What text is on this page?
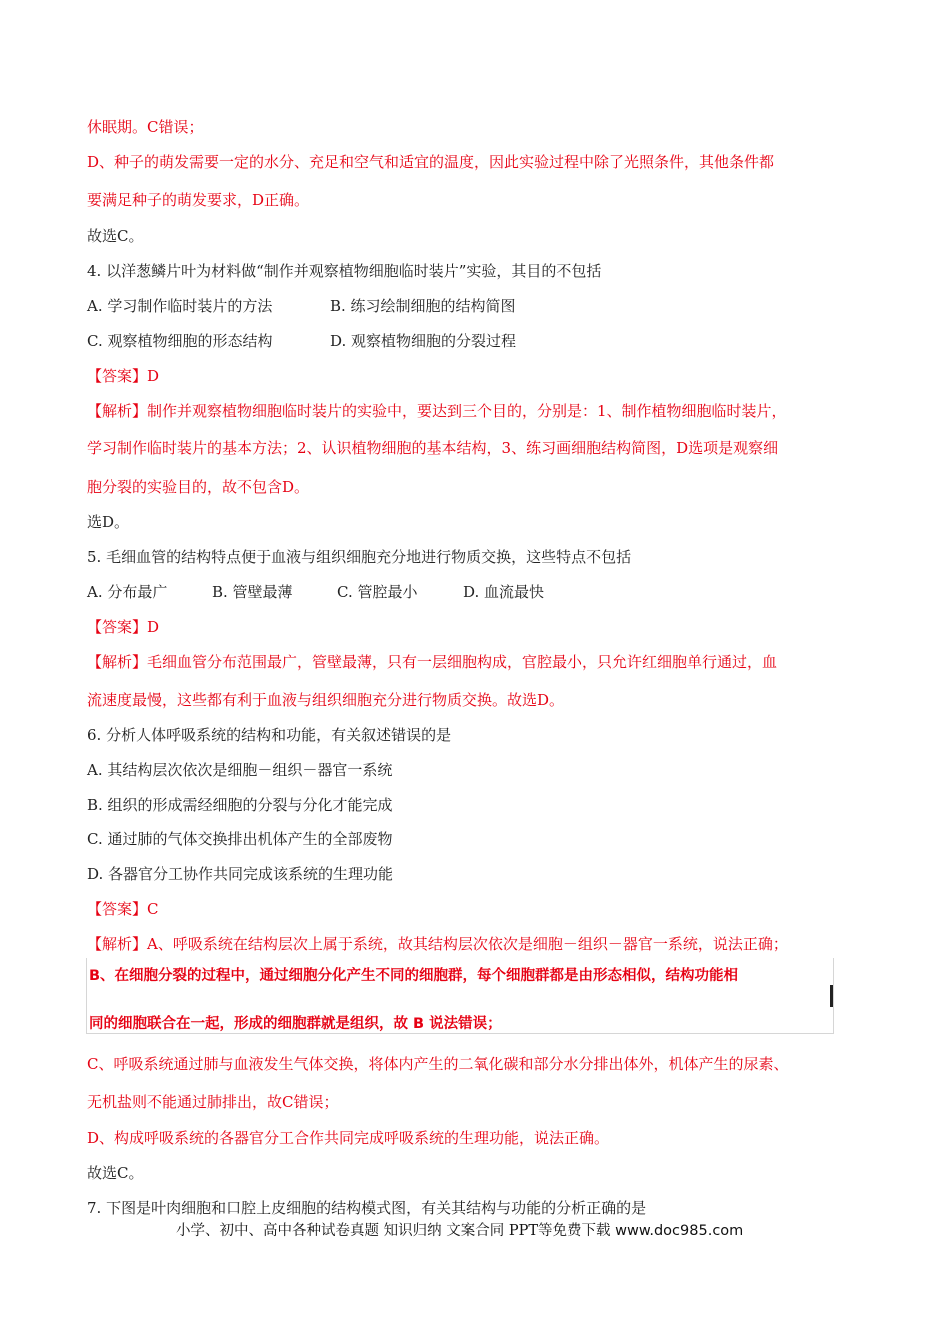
休眠期。C错误；
D、种子的萌发需要一定的水分、充足和空气和适宜的温度，因此实验过程中除了光照条件，其他条件都
要满足种子的萌发要求，D正确。
故选C。
4. 以洋葱鳞片叶为材料做“制作并观察植物细胞临时装片”实验，其目的不包括
A. 学习制作临时装片的方法	B. 练习绘制细胞的结构简图
C. 观察植物细胞的形态结构	D. 观察植物细胞的分裂过程
【答案】D
【解析】制作并观察植物细胞临时装片的实验中，要达到三个目的，分别是：1、制作植物细胞临时装片，
学习制作临时装片的基本方法；2、认识植物细胞的基本结构，3、练习画细胞结构简图，D选项是观察细
胞分裂的实验目的，故不包含D。
选D。
5. 毛细血管的结构特点便于血液与组织细胞充分地进行物质交换，这些特点不包括
A. 分布最广	B. 管壁最薄	C. 管腔最小	D. 血流最快
【答案】D
【解析】毛细血管分布范围最广，管壁最薄，只有一层细胞构成，官腔最小，只允许红细胞单行通过，血
流速度最慢，这些都有利于血液与组织细胞充分进行物质交换。故选D。
6. 分析人体呼吸系统的结构和功能，有关叙述错误的是
A. 其结构层次依次是细胞－组织－器官一系统
B. 组织的形成需经细胞的分裂与分化才能完成
C. 通过肺的气体交换排出机体产生的全部废物
D. 各器官分工协作共同完成该系统的生理功能
【答案】C
【解析】A、呼吸系统在结构层次上属于系统，故其结构层次依次是细胞－组织－器官一系统，说法正确；
B、在细胞分裂的过程中，通过细胞分化产生不同的细胞群，每个细胞群都是由形态相似，结构功能相
同的细胞联合在一起，形成的细胞群就是组织，故 B 说法错误；
C、呼吸系统通过肺与血液发生气体交换，将体内产生的二氧化碳和部分水分排出体外，机体产生的尿素、
无机盐则不能通过肺排出，故C错误；
D、构成呼吸系统的各器官分工合作共同完成呼吸系统的生理功能，说法正确。
故选C。
7. 下图是叶肉细胞和口腔上皮细胞的结构模式图，有关其结构与功能的分析正确的是
小学、初中、高中各种试卷真题 知识归纳 文案合同 PPT等免费下载 www.doc985.com
